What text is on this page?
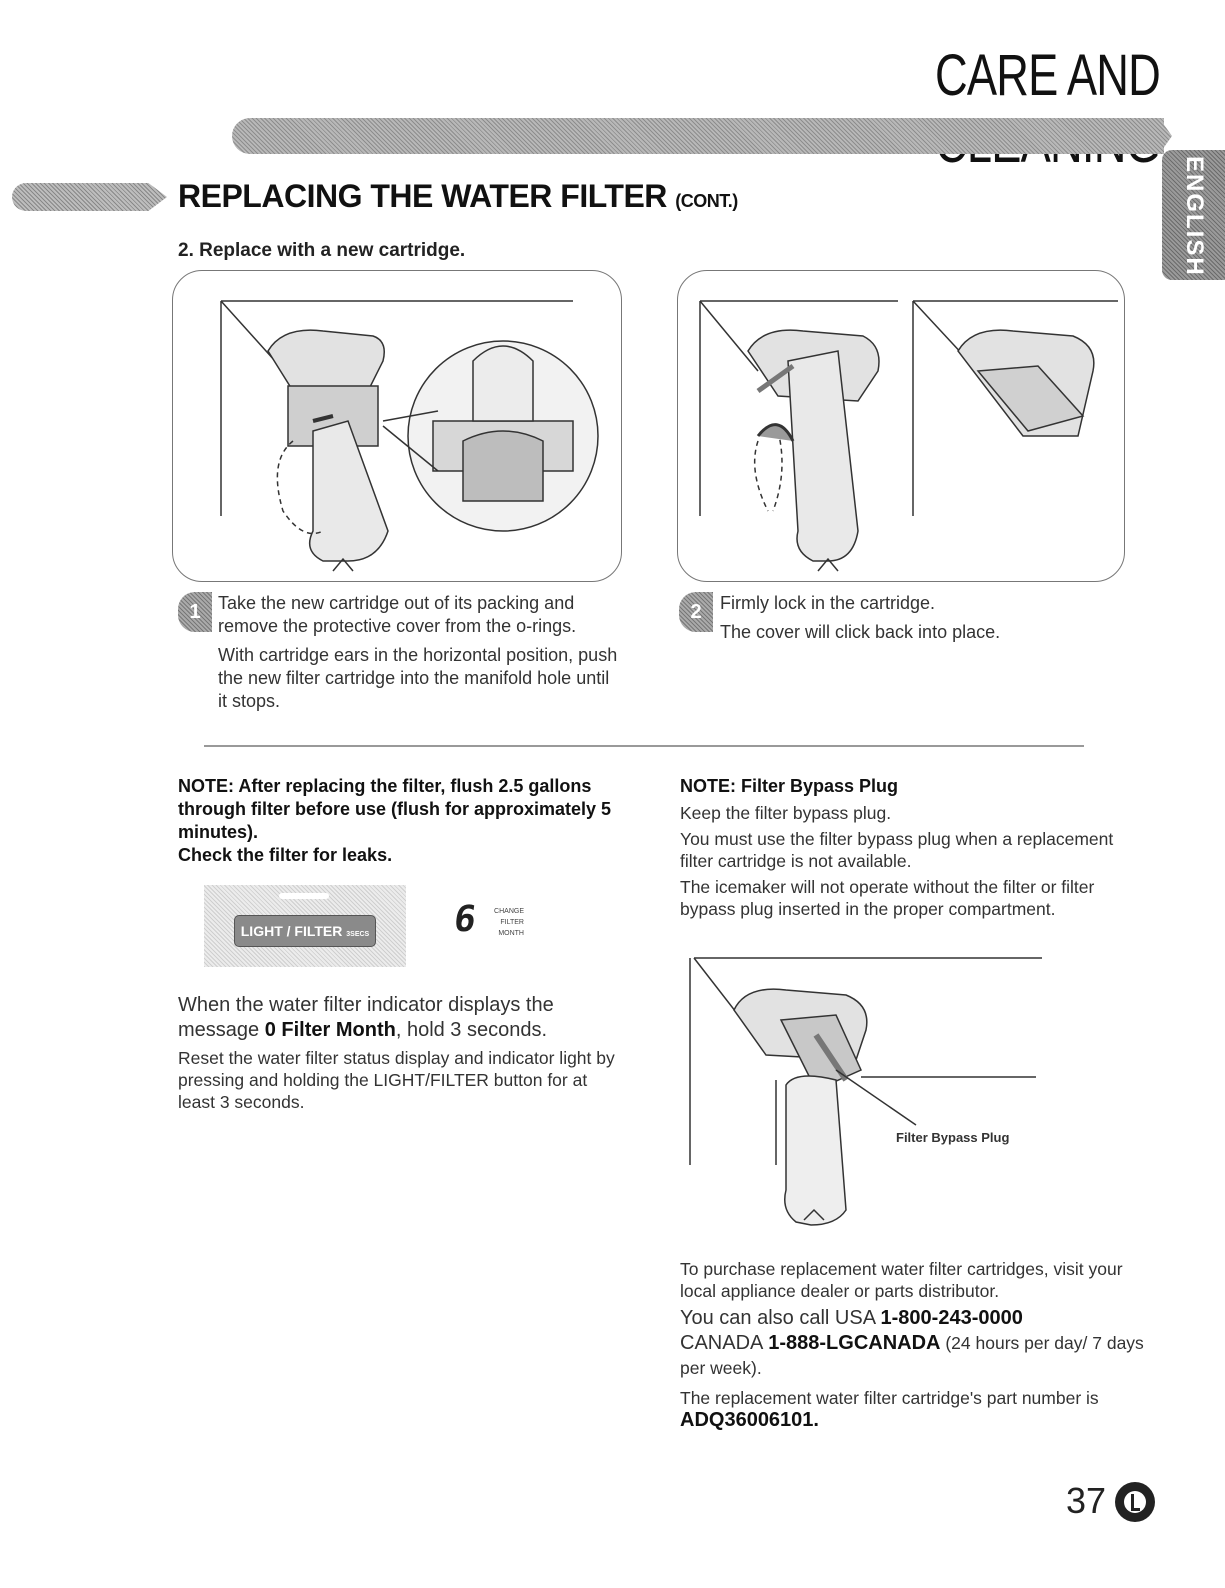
CARE AND
ENGLISH
REPLACING THE WATER FILTER (CONT.)
2. Replace with a new cartridge.
1 Take the new cartridge out of its packing and remove the protective cover from the o-rings.

With cartridge ears in the horizontal position, push the new filter cartridge into the manifold hole until it stops.

2	Firmly lock in the cartridge.

The cover will click back into place.

NOTE: After replacing the filter, flush 2.5 gallons through filter before use (flush for approximately 5 minutes).
Check the filter for leaks.
LIGHT / FILTER 3SECS 6	CHANGE
FILTER
MONTH

When the water filter indicator displays the message 0 Filter Month, hold 3 seconds.

Reset the water filter status display and indicator light by pressing and holding the LIGHT/FILTER button for at least 3 seconds.

NOTE: Filter Bypass Plug

Keep the filter bypass plug.

You must use the filter bypass plug when a replacement filter cartridge is not available.

The icemaker will not operate without the filter or filter bypass plug inserted in the proper compartment.

Filter Bypass Plug

To purchase replacement water filter cartridges, visit your local appliance dealer or parts distributor.

You can also call USA 1-800-243-0000
CANADA 1-888-LGCANADA (24 hours per day/ 7 days per week).

The replacement water filter cartridge's part number is ADQ36006101.

37
